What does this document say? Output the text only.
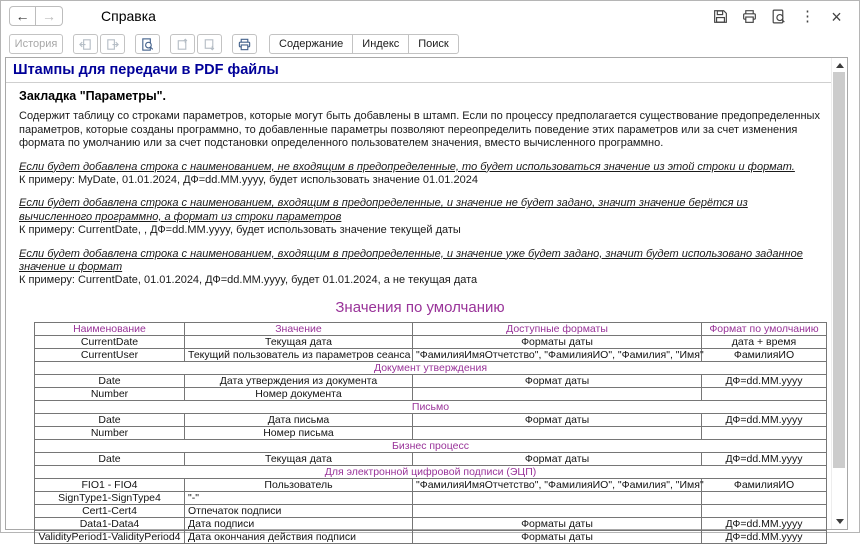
← →	Справка	⋮ ×
История	Содержание	Индекс	Поиск
Штампы для передачи в PDF файлы
Закладка "Параметры".

Содержит таблицу со строками параметров, которые могут быть добавлены в штамп. Если по процессу предполагается существование предопределенных параметров, которые созданы программно, то добавленные параметры позволяют переопределить поведение этих параметров или за счет изменения формата по умолчанию или за счет подстановки определенного пользователем значения, вместо вычисленного программно.

Если будет добавлена строка с наименованием, не входящим в предопределенные, то будет использоваться значение из этой строки и формат.
К примеру: MyDate, 01.01.2024, ДФ=dd.MM.yyyy, будет использовать значение 01.01.2024
Если будет добавлена строка с наименованием, входящим в предопределенные, и значение не будет задано, значит значение берётся из вычисленного программно, а формат из строки параметров
К примеру: CurrentDate, , ДФ=dd.MM.yyyy, будет использовать значение текущей даты
Если будет добавлена строка с наименованием, входящим в предопределенные, и значение уже будет задано, значит будет использовано заданное значение и формат
К примеру: CurrentDate, 01.01.2024, ДФ=dd.MM.yyyy, будет 01.01.2024, а не текущая дата
Значения по умолчанию
Наименование	Значение	Доступные форматы	Формат по умолчанию
CurrentDate	Текущая дата	Форматы даты	дата + время
CurrentUser	Текущий пользователь из параметров сеанса	"ФамилияИмяОтчетство", "ФамилияИО", "Фамилия", "Имя"	ФамилияИО
Документ утверждения			
Date	Дата утверждения из документа	Формат даты	ДФ=dd.MM.yyyy
Number	Номер документа		
Письмо			
Date	Дата письма	Формат даты	ДФ=dd.MM.yyyy
Number	Номер письма		
Бизнес процесс			
Date	Текущая дата	Формат даты	ДФ=dd.MM.yyyy
Для электронной цифровой подписи (ЭЦП)			
FIO1 - FIO4	Пользователь	"ФамилияИмяОтчетство", "ФамилияИО", "Фамилия", "Имя"	ФамилияИО
SignType1-SignType4	"-"		
Cert1-Cert4	Отпечаток подписи		
Data1-Data4	Дата подписи	Форматы даты	ДФ=dd.MM.yyyy
ValidityPeriod1-ValidityPeriod4	Дата окончания действия подписи	Форматы даты	ДФ=dd.MM.yyyy
